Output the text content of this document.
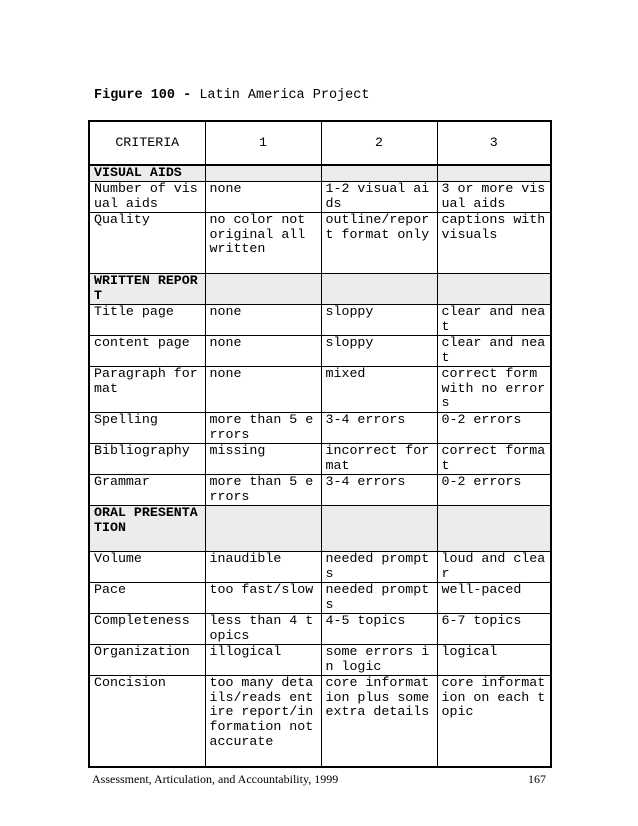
Figure 100 - Latin America Project
CRITERIA	1	2	3
VISUAL AIDS			
Number of visual aids	none	1-2 visual aids	3 or more visual aids
Quality	no color not original all written	outline/report format only	captions with visuals
WRITTEN REPORT			
Title page	none	sloppy	clear and neat
content page	none	sloppy	clear and neat
Paragraph format	none	mixed	correct form with no errors
Spelling	more than 5 errors	3-4 errors	0-2 errors
Bibliography	missing	incorrect format	correct format
Grammar	more than 5 errors	3-4 errors	0-2 errors
ORAL PRESENTATION			
Volume	inaudible	needed prompts	loud and clear
Pace	too fast/slow	needed prompts	well-paced
Completeness	less than 4 topics	4-5 topics	6-7 topics
Organization	illogical	some errors in logic	logical
Concision	too many details/reads entire report/information not accurate	core information plus some extra details	core information on each topic
Assessment, Articulation, and Accountability, 1999	167
